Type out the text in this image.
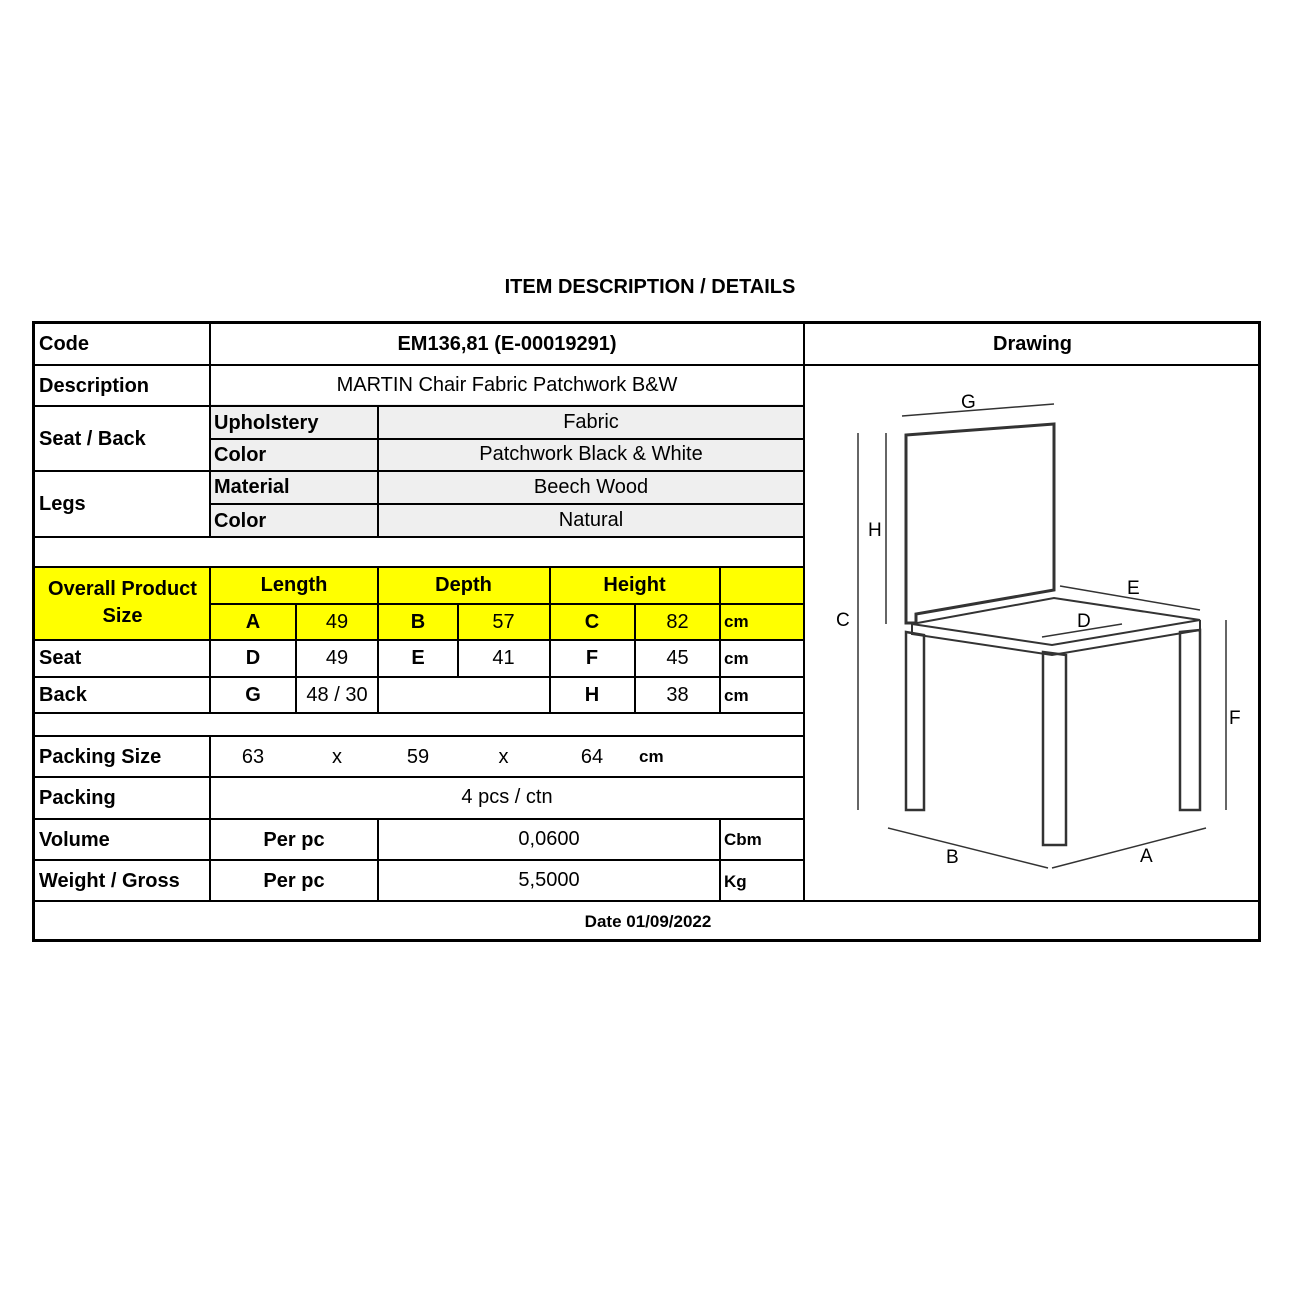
ITEM DESCRIPTION / DETAILS
Code	EM136,81 (E-00019291)	Drawing
Description	MARTIN Chair Fabric Patchwork B&W
Seat / Back
Upholstery	Fabric
Color	Patchwork Black & White
Legs
Material	Beech Wood
Color	Natural
Overall Product
Size
Length	Depth	Height
A	49	B	57	C	82	cm
Seat	D	49	E	41	F	45	cm
Back	G	48 / 30	H	38	cm
Packing Size	63	x	59	x	64	cm
Packing	4 pcs / ctn
Volume	Per pc	0,0600	Cbm
Weight / Gross	Per pc	5,5000	Kg
Date 01/09/2022
G
H
C
E
D
F
B	A
